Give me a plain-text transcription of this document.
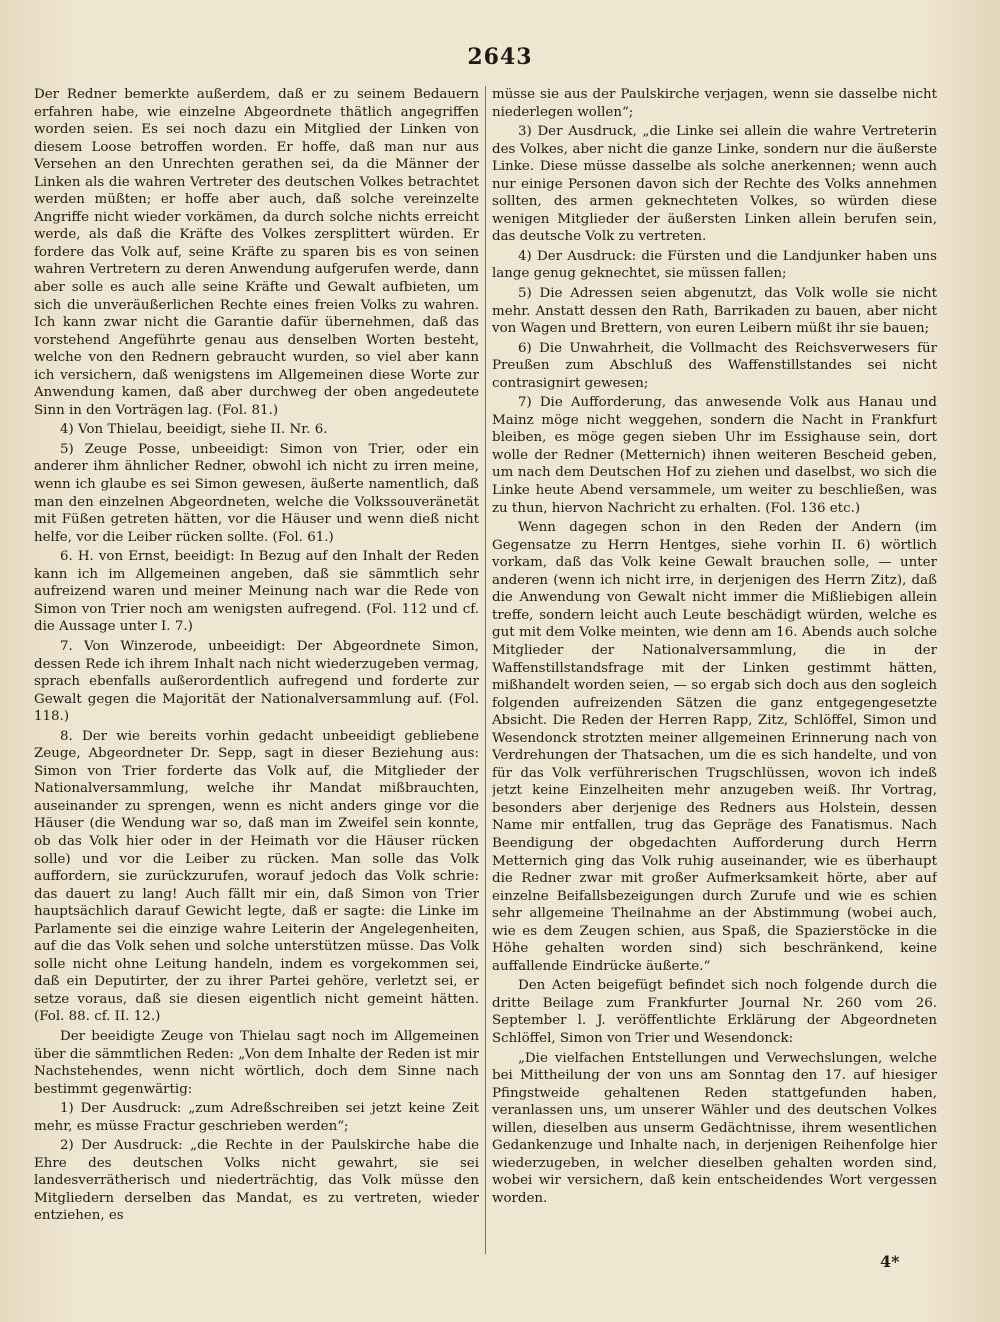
2643

Der Redner bemerkte außerdem, daß er zu seinem Bedauern erfahren habe, wie einzelne Abgeordnete thätlich angegriffen worden seien. Es sei noch dazu ein Mitglied der Linken von diesem Loose betroffen worden. Er hoffe, daß man nur aus Versehen an den Unrechten gerathen sei, da die Männer der Linken als die wahren Vertreter des deutschen Volkes betrachtet werden müßten; er hoffe aber auch, daß solche vereinzelte Angriffe nicht wieder vorkämen, da durch solche nichts erreicht werde, als daß die Kräfte des Volkes zersplittert würden. Er fordere das Volk auf, seine Kräfte zu sparen bis es von seinen wahren Vertretern zu deren Anwendung aufgerufen werde, dann aber solle es auch alle seine Kräfte und Gewalt aufbieten, um sich die unveräußerlichen Rechte eines freien Volks zu wahren. Ich kann zwar nicht die Garantie dafür übernehmen, daß das vorstehend Angeführte genau aus denselben Worten besteht, welche von den Rednern gebraucht wurden, so viel aber kann ich versichern, daß wenigstens im Allgemeinen diese Worte zur Anwendung kamen, daß aber durchweg der oben angedeutete Sinn in den Vorträgen lag. (Fol. 81.)

4) Von Thielau, beeidigt, siehe II. Nr. 6.

5) Zeuge Posse, unbeeidigt: Simon von Trier, oder ein anderer ihm ähnlicher Redner, obwohl ich nicht zu irren meine, wenn ich glaube es sei Simon gewesen, äußerte namentlich, daß man den einzelnen Abgeordneten, welche die Volkssouveränetät mit Füßen getreten hätten, vor die Häuser und wenn dieß nicht helfe, vor die Leiber rücken sollte. (Fol. 61.)

6. H. von Ernst, beeidigt: In Bezug auf den Inhalt der Reden kann ich im Allgemeinen angeben, daß sie sämmtlich sehr aufreizend waren und meiner Meinung nach war die Rede von Simon von Trier noch am wenigsten aufregend. (Fol. 112 und cf. die Aussage unter I. 7.)

7. Von Winzerode, unbeeidigt: Der Abgeordnete Simon, dessen Rede ich ihrem Inhalt nach nicht wiederzugeben vermag, sprach ebenfalls außerordentlich aufregend und forderte zur Gewalt gegen die Majorität der Nationalversammlung auf. (Fol. 118.)

8. Der wie bereits vorhin gedacht unbeeidigt gebliebene Zeuge, Abgeordneter Dr. Sepp, sagt in dieser Beziehung aus: Simon von Trier forderte das Volk auf, die Mitglieder der Nationalversammlung, welche ihr Mandat mißbrauchten, auseinander zu sprengen, wenn es nicht anders ginge vor die Häuser (die Wendung war so, daß man im Zweifel sein konnte, ob das Volk hier oder in der Heimath vor die Häuser rücken solle) und vor die Leiber zu rücken. Man solle das Volk auffordern, sie zurückzurufen, worauf jedoch das Volk schrie: das dauert zu lang! Auch fällt mir ein, daß Simon von Trier hauptsächlich darauf Gewicht legte, daß er sagte: die Linke im Parlamente sei die einzige wahre Leiterin der Angelegenheiten, auf die das Volk sehen und solche unterstützen müsse. Das Volk solle nicht ohne Leitung handeln, indem es vorgekommen sei, daß ein Deputirter, der zu ihrer Partei gehöre, verletzt sei, er setze voraus, daß sie diesen eigentlich nicht gemeint hätten. (Fol. 88. cf. II. 12.)

Der beeidigte Zeuge von Thielau sagt noch im Allgemeinen über die sämmtlichen Reden: „Von dem Inhalte der Reden ist mir Nachstehendes, wenn nicht wörtlich, doch dem Sinne nach bestimmt gegenwärtig:

1) Der Ausdruck: „zum Adreßschreiben sei jetzt keine Zeit mehr, es müsse Fractur geschrieben werden“;

2) Der Ausdruck: „die Rechte in der Paulskirche habe die Ehre des deutschen Volks nicht gewahrt, sie sei landesverrätherisch und niederträchtig, das Volk müsse den Mitgliedern derselben das Mandat, es zu vertreten, wieder entziehen, es

müsse sie aus der Paulskirche verjagen, wenn sie dasselbe nicht niederlegen wollen“;

3) Der Ausdruck, „die Linke sei allein die wahre Vertreterin des Volkes, aber nicht die ganze Linke, sondern nur die äußerste Linke. Diese müsse dasselbe als solche anerkennen; wenn auch nur einige Personen davon sich der Rechte des Volks annehmen sollten, des armen geknechteten Volkes, so würden diese wenigen Mitglieder der äußersten Linken allein berufen sein, das deutsche Volk zu vertreten.

4) Der Ausdruck: die Fürsten und die Landjunker haben uns lange genug geknechtet, sie müssen fallen;

5) Die Adressen seien abgenutzt, das Volk wolle sie nicht mehr. Anstatt dessen den Rath, Barrikaden zu bauen, aber nicht von Wagen und Brettern, von euren Leibern müßt ihr sie bauen;

6) Die Unwahrheit, die Vollmacht des Reichsverwesers für Preußen zum Abschluß des Waffenstillstandes sei nicht contrasignirt gewesen;

7) Die Aufforderung, das anwesende Volk aus Hanau und Mainz möge nicht weggehen, sondern die Nacht in Frankfurt bleiben, es möge gegen sieben Uhr im Essighause sein, dort wolle der Redner (Metternich) ihnen weiteren Bescheid geben, um nach dem Deutschen Hof zu ziehen und daselbst, wo sich die Linke heute Abend versammele, um weiter zu beschließen, was zu thun, hiervon Nachricht zu erhalten. (Fol. 136 etc.)

Wenn dagegen schon in den Reden der Andern (im Gegensatze zu Herrn Hentges, siehe vorhin II. 6) wörtlich vorkam, daß das Volk keine Gewalt brauchen solle, — unter anderen (wenn ich nicht irre, in derjenigen des Herrn Zitz), daß die Anwendung von Gewalt nicht immer die Mißliebigen allein treffe, sondern leicht auch Leute beschädigt würden, welche es gut mit dem Volke meinten, wie denn am 16. Abends auch solche Mitglieder der Nationalversammlung, die in der Waffenstillstandsfrage mit der Linken gestimmt hätten, mißhandelt worden seien, — so ergab sich doch aus den sogleich folgenden aufreizenden Sätzen die ganz entgegengesetzte Absicht. Die Reden der Herren Rapp, Zitz, Schlöffel, Simon und Wesendonck strotzten meiner allgemeinen Erinnerung nach von Verdrehungen der Thatsachen, um die es sich handelte, und von für das Volk verführerischen Trugschlüssen, wovon ich indeß jetzt keine Einzelheiten mehr anzugeben weiß. Ihr Vortrag, besonders aber derjenige des Redners aus Holstein, dessen Name mir entfallen, trug das Gepräge des Fanatismus. Nach Beendigung der obgedachten Aufforderung durch Herrn Metternich ging das Volk ruhig auseinander, wie es überhaupt die Redner zwar mit großer Aufmerksamkeit hörte, aber auf einzelne Beifallsbezeigungen durch Zurufe und wie es schien sehr allgemeine Theilnahme an der Abstimmung (wobei auch, wie es dem Zeugen schien, aus Spaß, die Spazierstöcke in die Höhe gehalten worden sind) sich beschränkend, keine auffallende Eindrücke äußerte.“

Den Acten beigefügt befindet sich noch folgende durch die dritte Beilage zum Frankfurter Journal Nr. 260 vom 26. September l. J. veröffentlichte Erklärung der Abgeordneten Schlöffel, Simon von Trier und Wesendonck:

„Die vielfachen Entstellungen und Verwechslungen, welche bei Mittheilung der von uns am Sonntag den 17. auf hiesiger Pfingstweide gehaltenen Reden stattgefunden haben, veranlassen uns, um unserer Wähler und des deutschen Volkes willen, dieselben aus unserm Gedächtnisse, ihrem wesentlichen Gedankenzuge und Inhalte nach, in derjenigen Reihenfolge hier wiederzugeben, in welcher dieselben gehalten worden sind, wobei wir versichern, daß kein entscheidendes Wort vergessen worden.

4*
